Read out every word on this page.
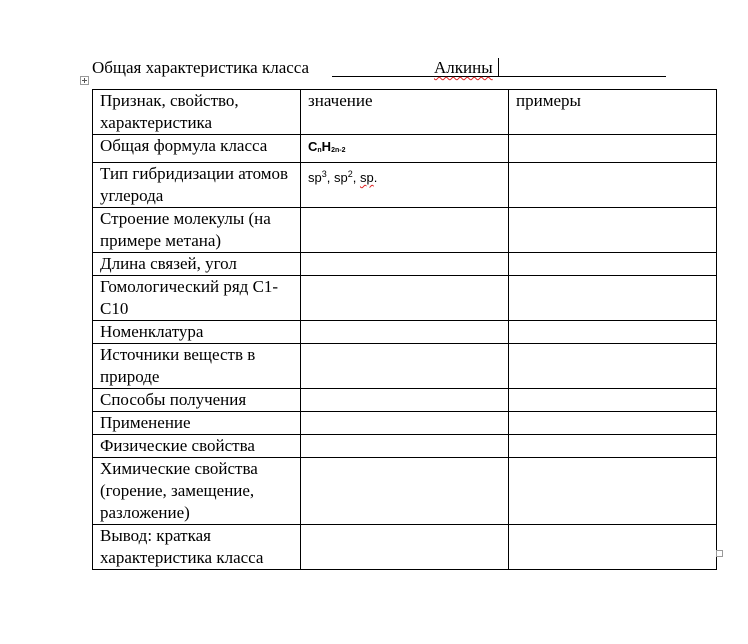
Общая характеристика класса	Алкины
Признак, свойство, характеристика	значение	примеры
Общая формула класса	$C_nH_{2n-2}$	
Тип гибридизации атомов углерода	$sp^3$, $sp^2$, sp.	
Строение молекулы (на примере метана)		
Длина связей, угол		
Гомологический ряд С1-С10		
Номенклатура		
Источники веществ в природе		
Способы получения		
Применение		
Физические свойства		
Химические свойства (горение, замещение, разложение)		
Вывод: краткая характеристика класса		
